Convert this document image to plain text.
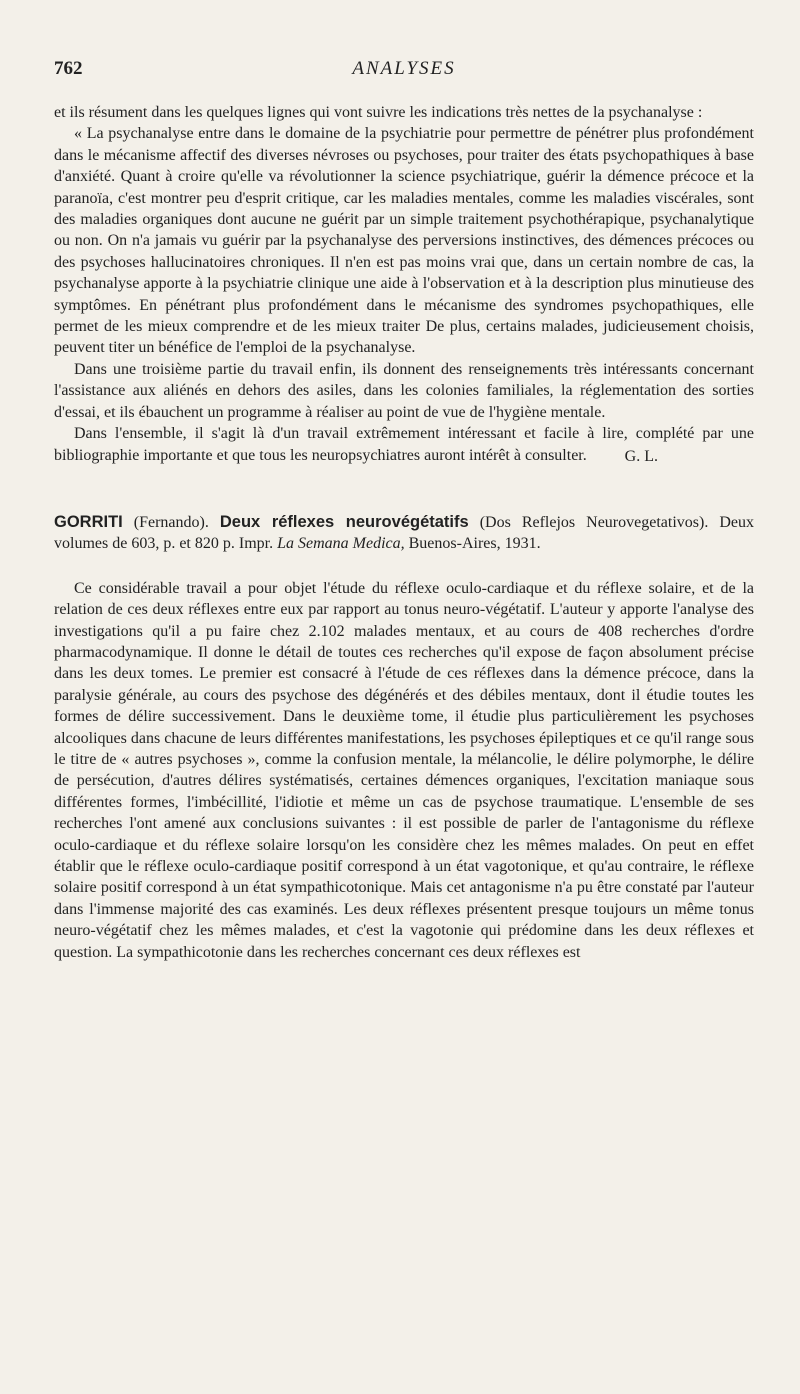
762	ANALYSES

et ils résument dans les quelques lignes qui vont suivre les indications très nettes de la psychanalyse :

« La psychanalyse entre dans le domaine de la psychiatrie pour permettre de pénétrer plus profondément dans le mécanisme affectif des diverses névroses ou psychoses, pour traiter des états psychopathiques à base d'anxiété. Quant à croire qu'elle va révolutionner la science psychiatrique, guérir la démence précoce et la paranoïa, c'est montrer peu d'esprit critique, car les maladies mentales, comme les maladies viscérales, sont des maladies organiques dont aucune ne guérit par un simple traitement psychothérapique, psychanalytique ou non. On n'a jamais vu guérir par la psychanalyse des perversions instinctives, des démences précoces ou des psychoses hallucinatoires chroniques. Il n'en est pas moins vrai que, dans un certain nombre de cas, la psychanalyse apporte à la psychiatrie clinique une aide à l'observation et à la description plus minutieuse des symptômes. En pénétrant plus profondément dans le mécanisme des syndromes psychopathiques, elle permet de les mieux comprendre et de les mieux traiter De plus, certains malades, judicieusement choisis, peuvent titer un bénéfice de l'emploi de la psychanalyse.

Dans une troisième partie du travail enfin, ils donnent des renseignements très intéressants concernant l'assistance aux aliénés en dehors des asiles, dans les colonies familiales, la réglementation des sorties d'essai, et ils ébauchent un programme à réaliser au point de vue de l'hygiène mentale.

Dans l'ensemble, il s'agit là d'un travail extrêmement intéressant et facile à lire, complété par une bibliographie importante et que tous les neuropsychiatres auront intérêt à consulter.	G. L.

GORRITI (Fernando). Deux réflexes neurovégétatifs (Dos Reflejos Neurovegetativos). Deux volumes de 603, p. et 820 p. Impr. La Semana Medica, Buenos-Aires, 1931.

Ce considérable travail a pour objet l'étude du réflexe oculo-cardiaque et du réflexe solaire, et de la relation de ces deux réflexes entre eux par rapport au tonus neuro-végétatif. L'auteur y apporte l'analyse des investigations qu'il a pu faire chez 2.102 malades mentaux, et au cours de 408 recherches d'ordre pharmacodynamique. Il donne le détail de toutes ces recherches qu'il expose de façon absolument précise dans les deux tomes. Le premier est consacré à l'étude de ces réflexes dans la démence précoce, dans la paralysie générale, au cours des psychose des dégénérés et des débiles mentaux, dont il étudie toutes les formes de délire successivement. Dans le deuxième tome, il étudie plus particulièrement les psychoses alcooliques dans chacune de leurs différentes manifestations, les psychoses épileptiques et ce qu'il range sous le titre de « autres psychoses », comme la confusion mentale, la mélancolie, le délire polymorphe, le délire de persécution, d'autres délires systématisés, certaines démences organiques, l'excitation maniaque sous différentes formes, l'imbécillité, l'idiotie et même un cas de psychose traumatique. L'ensemble de ses recherches l'ont amené aux conclusions suivantes : il est possible de parler de l'antagonisme du réflexe oculo-cardiaque et du réflexe solaire lorsqu'on les considère chez les mêmes malades. On peut en effet établir que le réflexe oculo-cardiaque positif correspond à un état vagotonique, et qu'au contraire, le réflexe solaire positif correspond à un état sympathicotonique. Mais cet antagonisme n'a pu être constaté par l'auteur dans l'immense majorité des cas examinés. Les deux réflexes présentent presque toujours un même tonus neuro-végétatif chez les mêmes malades, et c'est la vagotonie qui prédomine dans les deux réflexes et question. La sympathicotonie dans les recherches concernant ces deux réflexes est
